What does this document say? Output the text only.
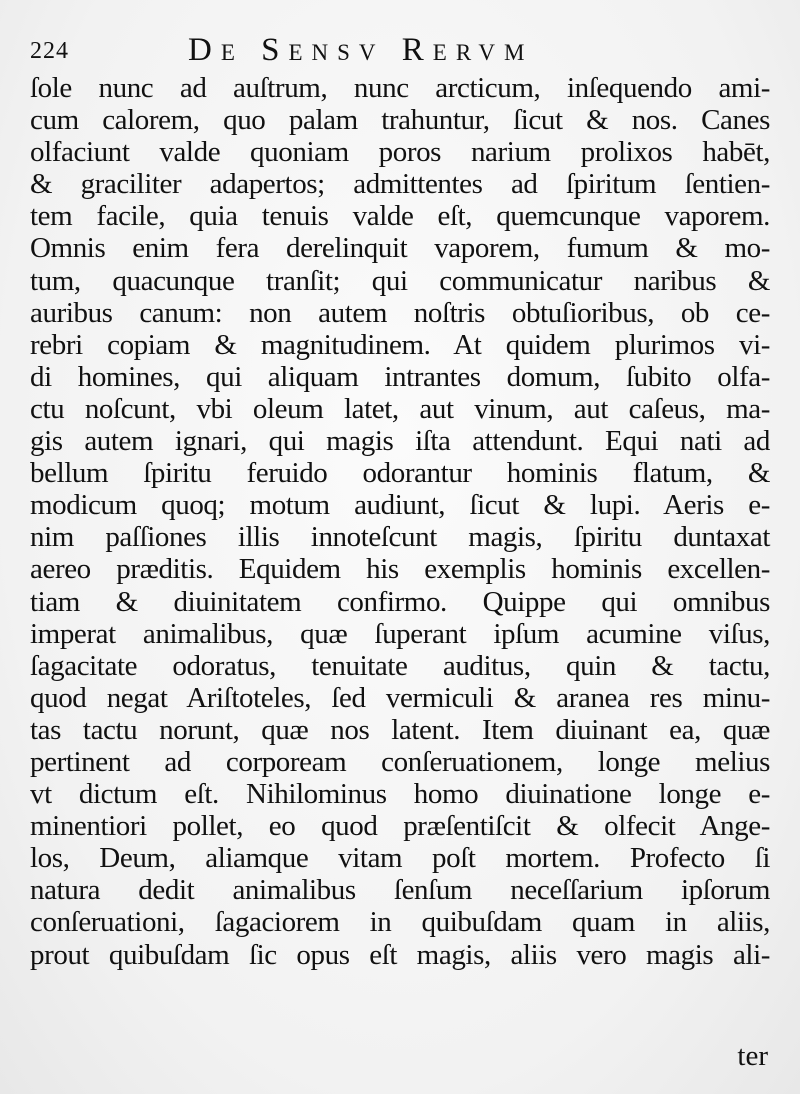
224	De Sensv Rervm
ſole nunc ad auſtrum, nunc arcticum, inſequendo ami-
cum calorem, quo palam trahuntur, ſicut & nos. Canes
olfaciunt valde quoniam poros narium prolixos habēt,
& graciliter adapertos; admittentes ad ſpiritum ſentien-
tem facile, quia tenuis valde eſt, quemcunque vaporem.
Omnis enim fera derelinquit vaporem, fumum & mo-
tum, quacunque tranſit; qui communicatur naribus &
auribus canum: non autem noſtris obtuſioribus, ob ce-
rebri copiam & magnitudinem. At quidem plurimos vi-
di homines, qui aliquam intrantes domum, ſubito olfa-
ctu noſcunt, vbi oleum latet, aut vinum, aut caſeus, ma-
gis autem ignari, qui magis iſta attendunt. Equi nati ad
bellum ſpiritu feruido odorantur hominis flatum, &
modicum quoq; motum audiunt, ſicut & lupi. Aeris e-
nim paſſiones illis innoteſcunt magis, ſpiritu duntaxat
aereo prӕditis. Equidem his exemplis hominis excellen-
tiam & diuinitatem confirmo. Quippe qui omnibus
imperat animalibus, quӕ ſuperant ipſum acumine viſus,
ſagacitate odoratus, tenuitate auditus, quin & tactu,
quod negat Ariſtoteles, ſed vermiculi & aranea res minu-
tas tactu norunt, quӕ nos latent. Item diuinant ea, quӕ
pertinent ad corpoream conſeruationem, longe melius
vt dictum eſt. Nihilominus homo diuinatione longe e-
minentiori pollet, eo quod prӕſentiſcit & olfecit Ange-
los, Deum, aliamque vitam poſt mortem. Profecto ſi
natura dedit animalibus ſenſum neceſſarium ipſorum
conſeruationi, ſagaciorem in quibuſdam quam in aliis,
prout quibuſdam ſic opus eſt magis, aliis vero magis ali-
ter
